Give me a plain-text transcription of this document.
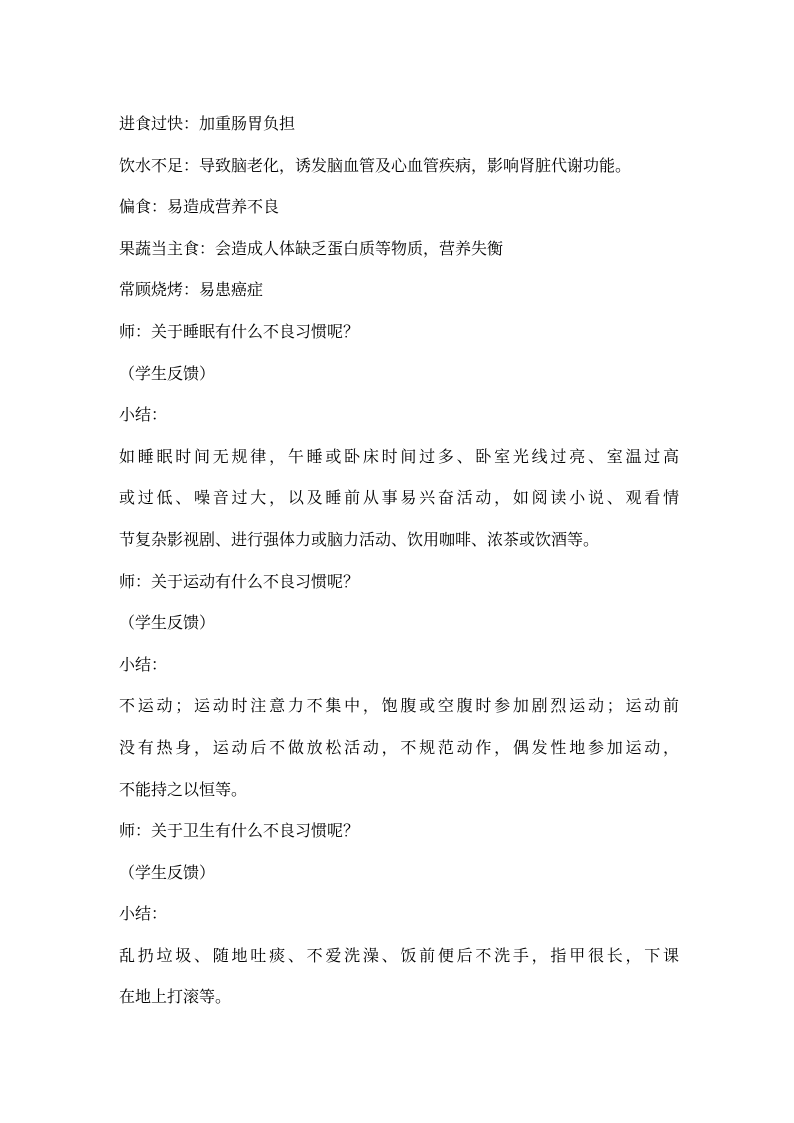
进食过快：加重肠胃负担
饮水不足：导致脑老化，诱发脑血管及心血管疾病，影响肾脏代谢功能。
偏食：易造成营养不良
果蔬当主食：会造成人体缺乏蛋白质等物质，营养失衡
常顾烧烤：易患癌症
师：关于睡眠有什么不良习惯呢？
（学生反馈）
小结：
如睡眠时间无规律，午睡或卧床时间过多、卧室光线过亮、室温过高
或过低、噪音过大，以及睡前从事易兴奋活动，如阅读小说、观看情
节复杂影视剧、进行强体力或脑力活动、饮用咖啡、浓茶或饮酒等。
师：关于运动有什么不良习惯呢？
（学生反馈）
小结：
不运动；运动时注意力不集中，饱腹或空腹时参加剧烈运动；运动前
没有热身，运动后不做放松活动，不规范动作，偶发性地参加运动，
不能持之以恒等。
师：关于卫生有什么不良习惯呢？
（学生反馈）
小结：
乱扔垃圾、随地吐痰、不爱洗澡、饭前便后不洗手，指甲很长，下课
在地上打滚等。
